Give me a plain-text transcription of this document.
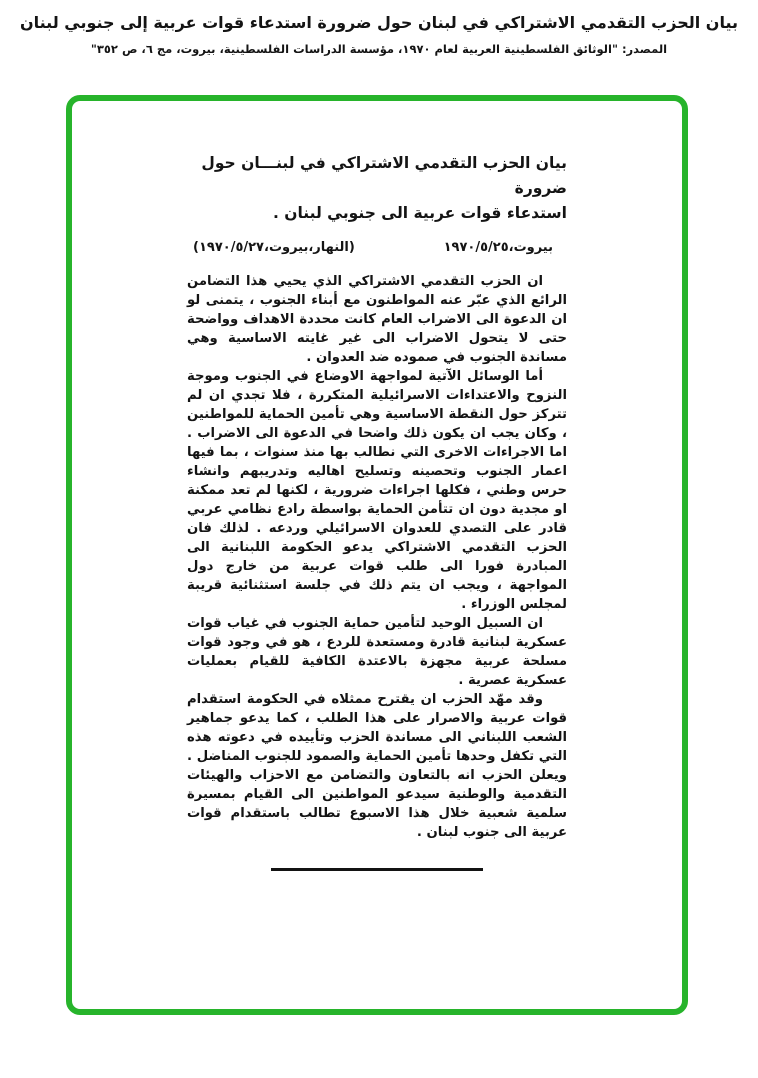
بيان الحزب التقدمي الاشتراكي في لبنان حول ضرورة استدعاء قوات عربية إلى جنوبي لبنان
المصدر: "الوثائق الفلسطينية العربية لعام ١٩٧٠، مؤسسة الدراسات الفلسطينية، بيروت، مج ٦، ص ٣٥٢"
بيان الحزب التقدمي الاشتراكي في لبنـــان حول ضرورة
استدعاء قوات عربية الى جنوبي لبنان .
بيروت،١٩٧٠/٥/٢٥
(النهار،بيروت،١٩٧٠/٥/٢٧)

ان الحزب التقدمي الاشتراكي الذي يحيي هذا التضامن الرائع الذي عبّر عنه المواطنون مع أبناء الجنوب ، يتمنى لو ان الدعوة الى الاضراب العام كانت محددة الاهداف وواضحة حتى لا يتحول الاضراب الى غير غايته الاساسية وهي مساندة الجنوب في صموده ضد العدوان .

أما الوسائل الآتية لمواجهة الاوضاع في الجنوب وموجة النزوح والاعتداءات الاسرائيلية المتكررة ، فلا تجدي ان لم تتركز حول النقطة الاساسية وهي تأمين الحماية للمواطنين ، وكان يجب ان يكون ذلك واضحا في الدعوة الى الاضراب . اما الاجراءات الاخرى التي نطالب بها منذ سنوات ، بما فيها اعمار الجنوب وتحصينه وتسليح اهاليه وتدريبهم وانشاء حرس وطني ، فكلها اجراءات ضرورية ، لكنها لم تعد ممكنة او مجدية دون ان تتأمن الحماية بواسطة رادع نظامي عربي قادر على التصدي للعدوان الاسرائيلي وردعه . لذلك فان الحزب التقدمي الاشتراكي يدعو الحكومة اللبنانية الى المبادرة فورا الى طلب قوات عربية من خارج دول المواجهة ، ويجب ان يتم ذلك في جلسة استثنائية قريبة لمجلس الوزراء .

ان السبيل الوحيد لتأمين حماية الجنوب في غياب قوات عسكرية لبنانية قادرة ومستعدة للردع ، هو في وجود قوات مسلحة عربية مجهزة بالاعتدة الكافية للقيام بعمليات عسكرية عصرية .

وقد مهّد الحزب ان يقترح ممثلاه في الحكومة استقدام قوات عربية والاصرار على هذا الطلب ، كما يدعو جماهير الشعب اللبناني الى مساندة الحزب وتأييده في دعوته هذه التي تكفل وحدها تأمين الحماية والصمود للجنوب المناضل . ويعلن الحزب انه بالتعاون والتضامن مع الاحزاب والهيئات التقدمية والوطنية سيدعو المواطنين الى القيام بمسيرة سلمية شعبية خلال هذا الاسبوع تطالب باستقدام قوات عربية الى جنوب لبنان .
